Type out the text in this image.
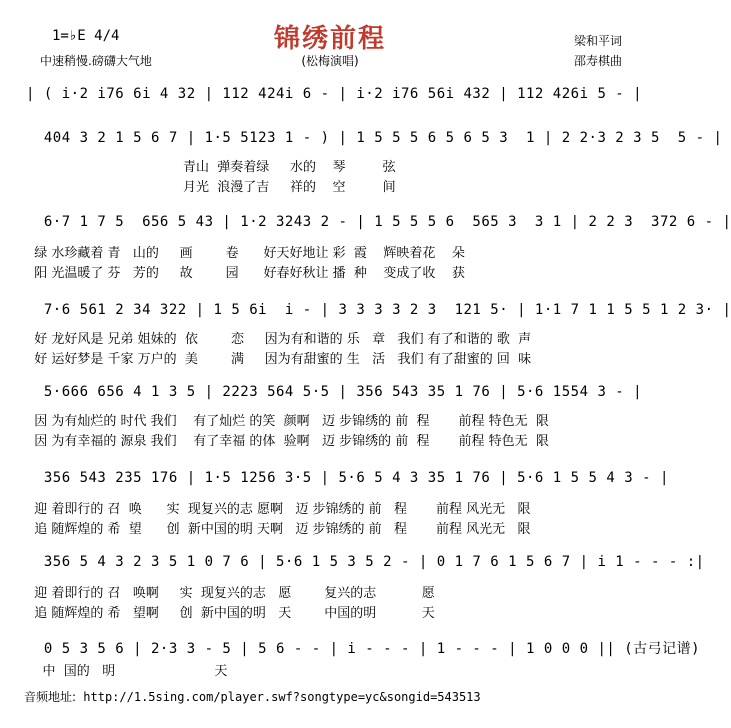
锦绣前程
(松梅演唱)
1=♭E 4/4
中速稍慢.磅礴大气地
梁和平词
邵寿棋曲
| ( i·2 i76 6i 4 32 | 112 424i 6 - | i·2 i76 56i 432 | 112 426i 5 - |
404 3 2 1 5 6 7 | 1·5 5123 1 - ) | 1 5 5 5 6 5 6 5 3  1 | 2 2·3 2 3 5  5 - |
青山  弹奏着绿     水的    琴         弦
月光  浪漫了吉     祥的    空         间
6·7 1 7 5  656 5 43 | 1·2 3243 2 - | 1 5 5 5 6  565 3  3 1 | 2 2 3  372 6 - |
绿 水珍藏着 青   山的     画        卷      好天好地让 彩  霞    辉映着花    朵
阳 光温暖了 芬   芳的     故        园      好春好秋让 播  种    变成了收    获
7·6 561 2 34 322 | 1 5 6i  i - | 3 3 3 3 2 3  121 5· | 1·1 7 1 1 5 5 1 2 3· |
好 龙好风是 兄弟 姐妹的  依        恋     因为有和谐的 乐   章   我们 有了和谐的 歌  声
好 运好梦是 千家 万户的  美        满     因为有甜蜜的 生   活   我们 有了甜蜜的 回  味
5·666 656 4 1 3 5 | 2223 564 5·5 | 356 543 35 1 76 | 5·6 1554 3 - |
因 为有灿烂的 时代 我们    有了灿烂 的笑  颜啊   迈 步锦绣的 前  程       前程 特色无  限
因 为有幸福的 源泉 我们    有了幸福 的体  验啊   迈 步锦绣的 前  程       前程 特色无  限
356 543 235 176 | 1·5 1256 3·5 | 5·6 5 4 3 35 1 76 | 5·6 1 5 5 4 3 - |
迎 着即行的 召  唤      实  现复兴的志 愿啊   迈 步锦绣的 前   程       前程 风光无   限
追 随辉煌的 希  望      创  新中国的明 天啊   迈 步锦绣的 前   程       前程 风光无   限
356 5 4 3 2 3 5 1 0 7 6 | 5·6 1 5 3 5 2 - | 0 1 7 6 1 5 6 7 | i 1 - - - :|
迎 着即行的 召   唤啊     实  现复兴的志   愿        复兴的志           愿
追 随辉煌的 希   望啊     创  新中国的明   天        中国的明           天
0 5 3 5 6 | 2·3 3 - 5 | 5 6 - - | i - - - | 1 - - - | 1 0 0 0 || (古弓记谱)
中  国的   明                        天
音频地址: http://1.5sing.com/player.swf?songtype=yc&songid=543513
